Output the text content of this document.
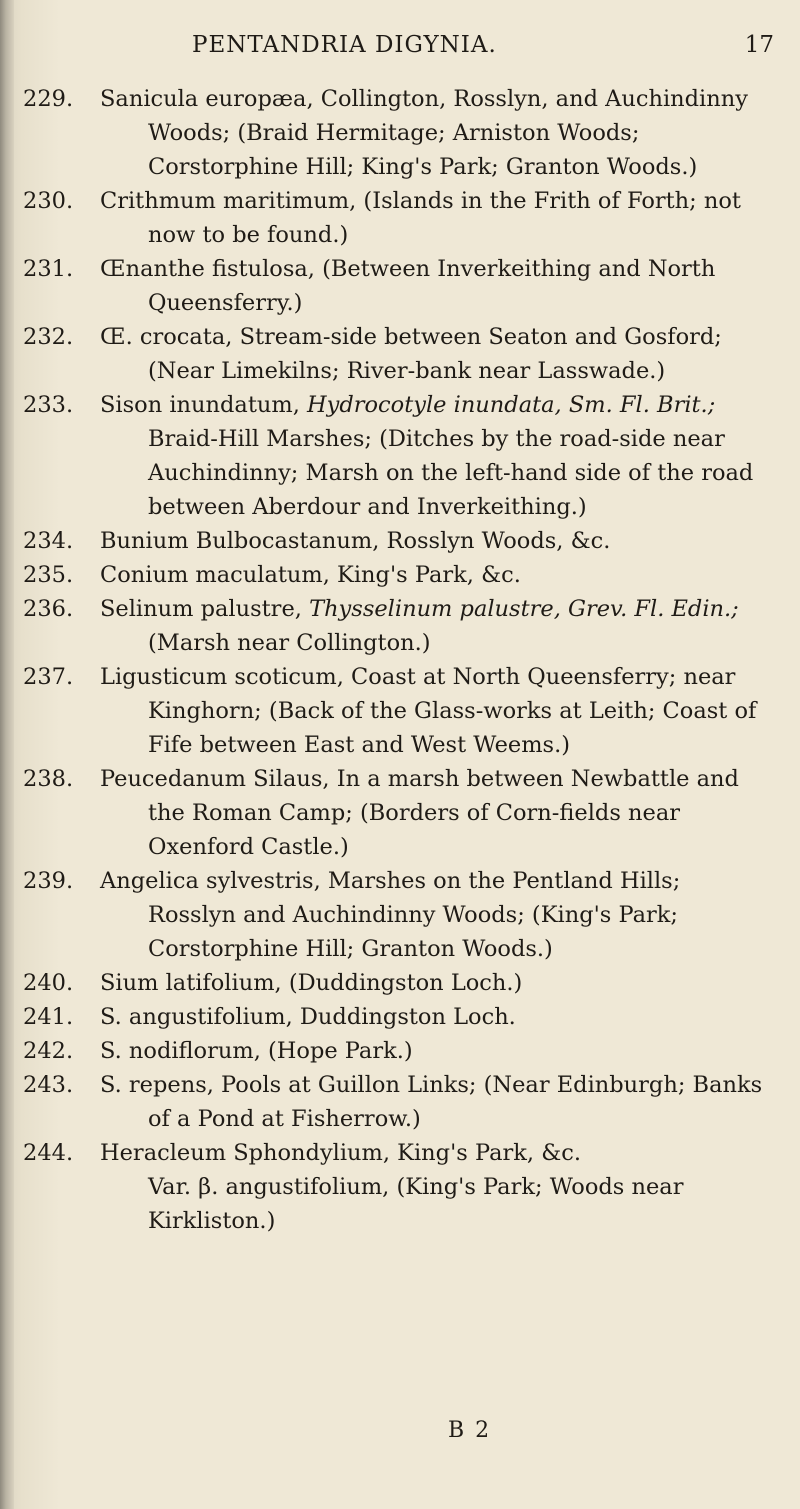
PENTANDRIA DIGYNIA.	17
229.	Sanicula europæa, Collington, Rosslyn, and Auchindinny Woods; (Braid Hermitage; Arniston Woods; Corstorphine Hill; King's Park; Granton Woods.)
230.	Crithmum maritimum, (Islands in the Frith of Forth; not now to be found.)
231.	Œnanthe fistulosa, (Between Inverkeithing and North Queensferry.)
232.	Œ. crocata, Stream-side between Seaton and Gosford; (Near Limekilns; River-bank near Lasswade.)
233.	Sison inundatum, Hydrocotyle inundata, Sm. Fl. Brit.; Braid-Hill Marshes; (Ditches by the road-side near Auchindinny; Marsh on the left-hand side of the road between Aberdour and Inverkeithing.)
234.	Bunium Bulbocastanum, Rosslyn Woods, &c.
235.	Conium maculatum, King's Park, &c.
236.	Selinum palustre, Thysselinum palustre, Grev. Fl. Edin.; (Marsh near Collington.)
237.	Ligusticum scoticum, Coast at North Queensferry; near Kinghorn; (Back of the Glass-works at Leith; Coast of Fife between East and West Weems.)
238.	Peucedanum Silaus, In a marsh between Newbattle and the Roman Camp; (Borders of Corn-fields near Oxenford Castle.)
239.	Angelica sylvestris, Marshes on the Pentland Hills; Rosslyn and Auchindinny Woods; (King's Park; Corstorphine Hill; Granton Woods.)
240.	Sium latifolium, (Duddingston Loch.)
241.	S. angustifolium, Duddingston Loch.
242.	S. nodiflorum, (Hope Park.)
243.	S. repens, Pools at Guillon Links; (Near Edinburgh; Banks of a Pond at Fisherrow.)
244.	Heracleum Sphondylium, King's Park, &c.
Var. β. angustifolium, (King's Park; Woods near Kirkliston.)
B 2
